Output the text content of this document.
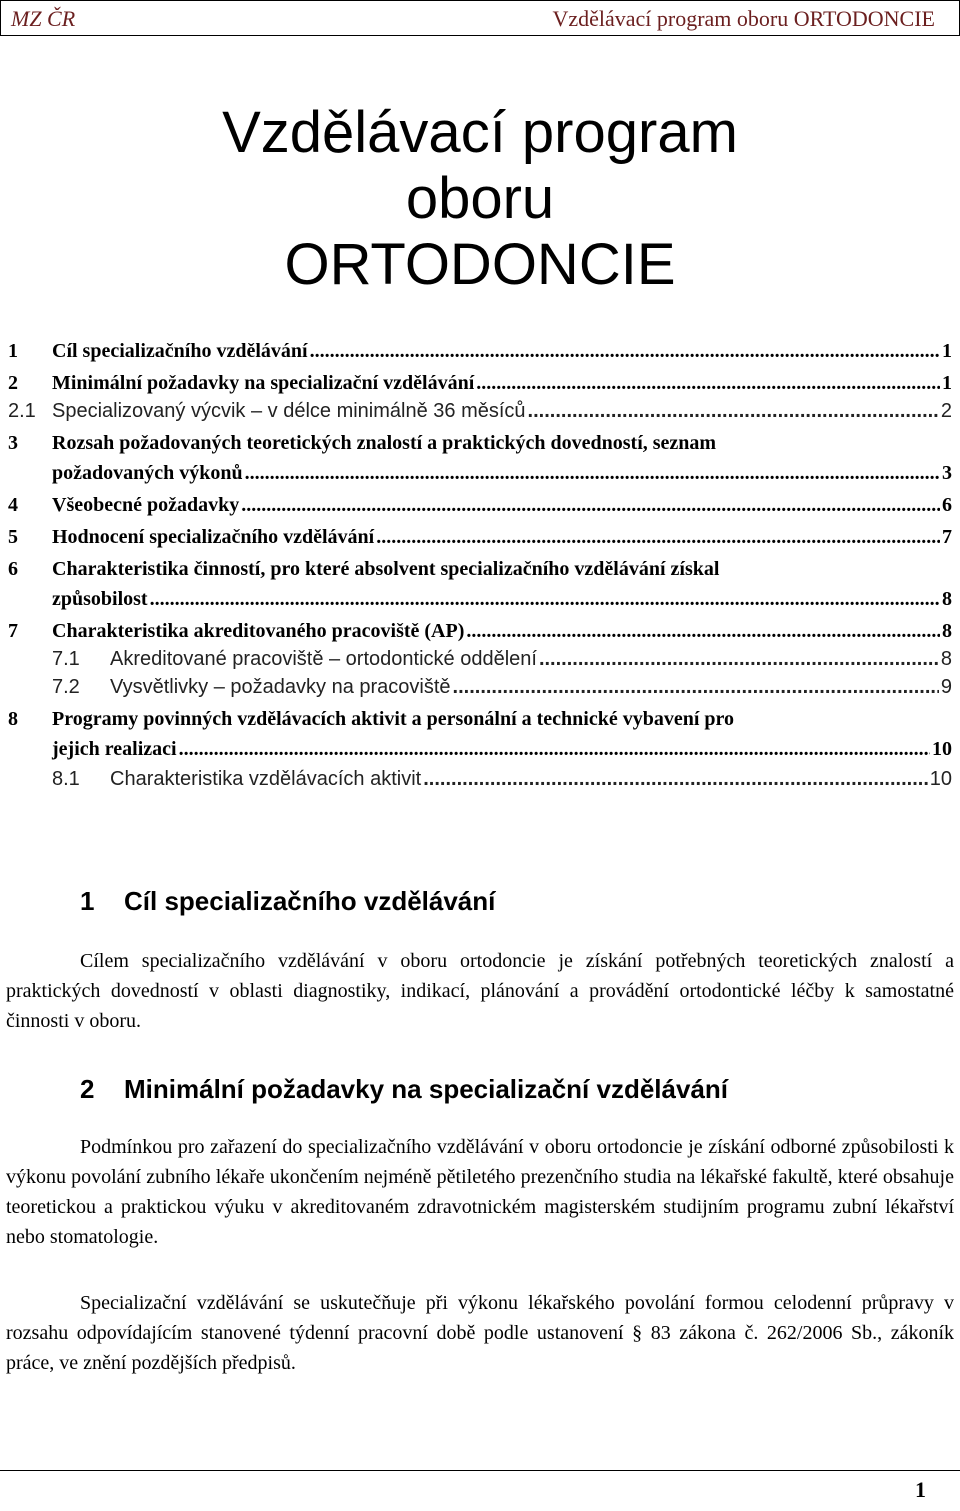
MZ ČR	Vzdělávací program oboru ORTODONCIE
Vzdělávací program
oboru
ORTODONCIE
1	Cíl specializačního vzdělávání .....	1
2	Minimální požadavky na specializační vzdělávání .....	1
2.1 Specializovaný výcvik – v délce minimálně 36 měsíců .....	2
3	Rozsah požadovaných teoretických znalostí a praktických dovedností, seznam
požadovaných výkonů .....	3
4	Všeobecné požadavky .....	6
5	Hodnocení specializačního vzdělávání .....	7
6	Charakteristika činností, pro které absolvent specializačního vzdělávání získal
způsobilost .....	8
7	Charakteristika akreditovaného pracoviště (AP) .....	8
7.1	Akreditované pracoviště – ortodontické oddělení .....	8
7.2	Vysvětlivky – požadavky na pracoviště .....	9
8	Programy povinných vzdělávacích aktivit a personální a technické vybavení pro
jejich realizaci .....	10
8.1	Charakteristika vzdělávacích aktivit .....	10
1 Cíl specializačního vzdělávání
Cílem specializačního vzdělávání v oboru ortodoncie je získání potřebných teoretických znalostí a praktických dovedností v oblasti diagnostiky, indikací, plánování a provádění ortodontické léčby k samostatné činnosti v oboru.
2 Minimální požadavky na specializační vzdělávání
Podmínkou pro zařazení do specializačního vzdělávání v oboru ortodoncie je získání odborné způsobilosti k výkonu povolání zubního lékaře ukončením nejméně pětiletého prezenčního studia na lékařské fakultě, které obsahuje teoretickou a praktickou výuku v akreditovaném zdravotnickém magisterském studijním programu zubní lékařství nebo stomatologie.
Specializační vzdělávání se uskutečňuje při výkonu lékařského povolání formou celodenní průpravy v rozsahu odpovídajícím stanovené týdenní pracovní době podle ustanovení § 83 zákona č. 262/2006 Sb., zákoník práce, ve znění pozdějších předpisů.
1
